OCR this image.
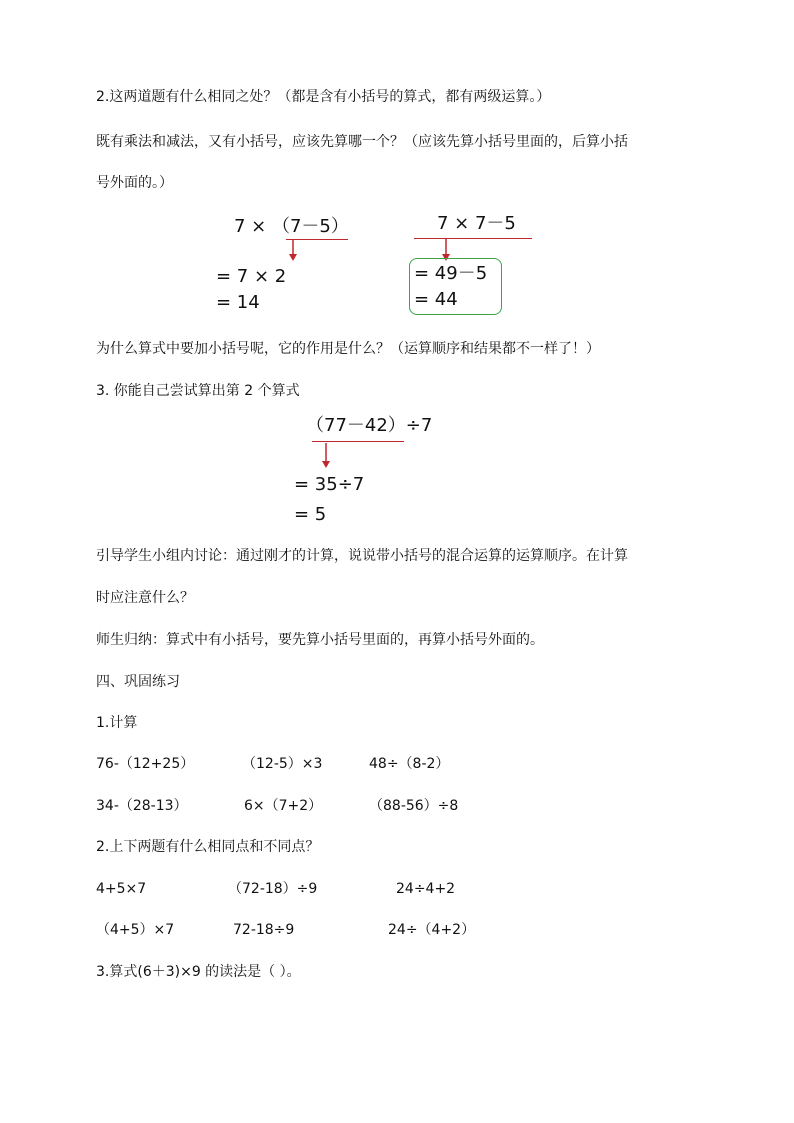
2.这两道题有什么相同之处？（都是含有小括号的算式，都有两级运算。）
既有乘法和减法，又有小括号，应该先算哪一个？（应该先算小括号里面的，后算小括
号外面的。）
7 × （7－5）
= 7 × 2
= 14
7 × 7－5
= 49－5
= 44
为什么算式中要加小括号呢，它的作用是什么？（运算顺序和结果都不一样了！）
3. 你能自己尝试算出第 2 个算式
（77－42）÷7
= 35÷7
= 5
引导学生小组内讨论：通过刚才的计算，说说带小括号的混合运算的运算顺序。在计算
时应注意什么？
师生归纳：算式中有小括号，要先算小括号里面的，再算小括号外面的。
四、巩固练习
1.计算
76-（12+25）	（12-5）×3	48÷（8-2）
34-（28-13）	6×（7+2）	（88-56）÷8
2.上下两题有什么相同点和不同点？
4+5×7	（72-18）÷9	24÷4+2
（4+5）×7	72-18÷9	24÷（4+2）
3.算式(6＋3)×9 的读法是（ ）。
